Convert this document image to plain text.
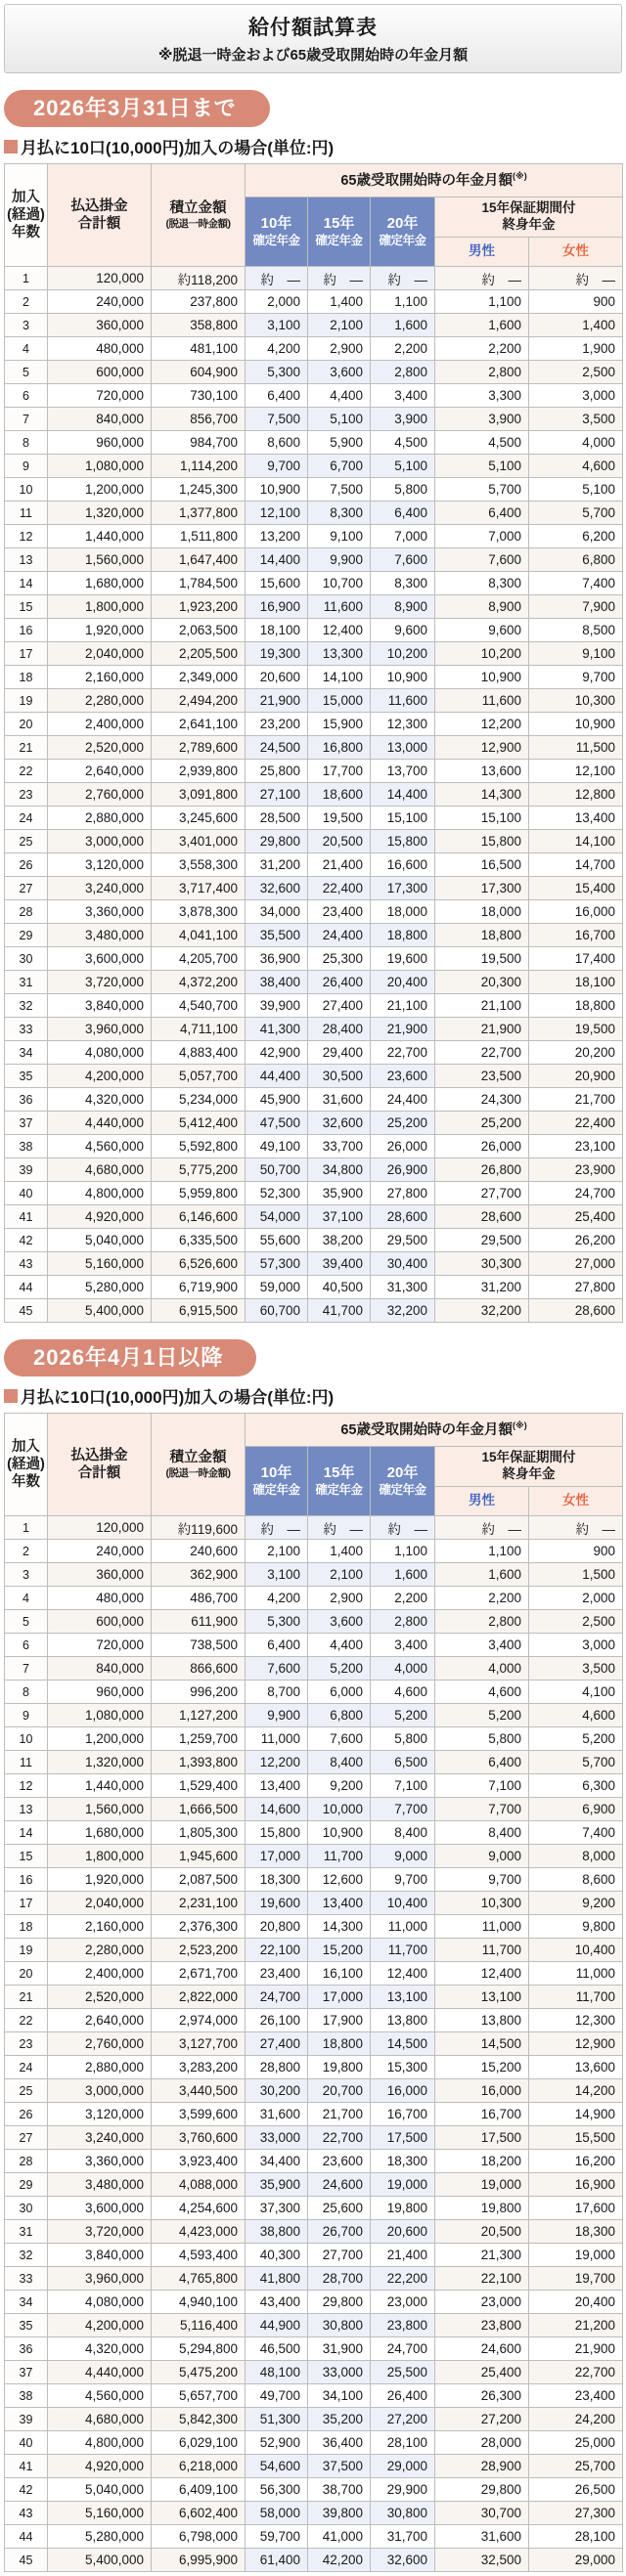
給付額試算表
※脱退一時金および65歳受取開始時の年金月額
2026年3月31日まで
月払に10口(10,000円)加入の場合(単位:円)
加入
(経過)
年数	払込掛金
合計額	積立金額

(脱退一時金額)	65歳受取開始時の年金月額(※)

			10年
確定年金	15年
確定年金	20年
確定年金	15年保証期間付
終身年金	
						男性	女性
1	120,000	約118,200	約　—	約　—	約　—	約　—	約　—
2	240,000	237,800	2,000	1,400	1,100	1,100	900
3	360,000	358,800	3,100	2,100	1,600	1,600	1,400
4	480,000	481,100	4,200	2,900	2,200	2,200	1,900
5	600,000	604,900	5,300	3,600	2,800	2,800	2,500
6	720,000	730,100	6,400	4,400	3,400	3,300	3,000
7	840,000	856,700	7,500	5,100	3,900	3,900	3,500
8	960,000	984,700	8,600	5,900	4,500	4,500	4,000
9	1,080,000	1,114,200	9,700	6,700	5,100	5,100	4,600
10	1,200,000	1,245,300	10,900	7,500	5,800	5,700	5,100
11	1,320,000	1,377,800	12,100	8,300	6,400	6,400	5,700
12	1,440,000	1,511,800	13,200	9,100	7,000	7,000	6,200
13	1,560,000	1,647,400	14,400	9,900	7,600	7,600	6,800
14	1,680,000	1,784,500	15,600	10,700	8,300	8,300	7,400
15	1,800,000	1,923,200	16,900	11,600	8,900	8,900	7,900
16	1,920,000	2,063,500	18,100	12,400	9,600	9,600	8,500
17	2,040,000	2,205,500	19,300	13,300	10,200	10,200	9,100
18	2,160,000	2,349,000	20,600	14,100	10,900	10,900	9,700
19	2,280,000	2,494,200	21,900	15,000	11,600	11,600	10,300
20	2,400,000	2,641,100	23,200	15,900	12,300	12,200	10,900
21	2,520,000	2,789,600	24,500	16,800	13,000	12,900	11,500
22	2,640,000	2,939,800	25,800	17,700	13,700	13,600	12,100
23	2,760,000	3,091,800	27,100	18,600	14,400	14,300	12,800
24	2,880,000	3,245,600	28,500	19,500	15,100	15,100	13,400
25	3,000,000	3,401,000	29,800	20,500	15,800	15,800	14,100
26	3,120,000	3,558,300	31,200	21,400	16,600	16,500	14,700
27	3,240,000	3,717,400	32,600	22,400	17,300	17,300	15,400
28	3,360,000	3,878,300	34,000	23,400	18,000	18,000	16,000
29	3,480,000	4,041,100	35,500	24,400	18,800	18,800	16,700
30	3,600,000	4,205,700	36,900	25,300	19,600	19,500	17,400
31	3,720,000	4,372,200	38,400	26,400	20,400	20,300	18,100
32	3,840,000	4,540,700	39,900	27,400	21,100	21,100	18,800
33	3,960,000	4,711,100	41,300	28,400	21,900	21,900	19,500
34	4,080,000	4,883,400	42,900	29,400	22,700	22,700	20,200
35	4,200,000	5,057,700	44,400	30,500	23,600	23,500	20,900
36	4,320,000	5,234,000	45,900	31,600	24,400	24,300	21,700
37	4,440,000	5,412,400	47,500	32,600	25,200	25,200	22,400
38	4,560,000	5,592,800	49,100	33,700	26,000	26,000	23,100
39	4,680,000	5,775,200	50,700	34,800	26,900	26,800	23,900
40	4,800,000	5,959,800	52,300	35,900	27,800	27,700	24,700
41	4,920,000	6,146,600	54,000	37,100	28,600	28,600	25,400
42	5,040,000	6,335,500	55,600	38,200	29,500	29,500	26,200
43	5,160,000	6,526,600	57,300	39,400	30,400	30,300	27,000
44	5,280,000	6,719,900	59,000	40,500	31,300	31,200	27,800
45	5,400,000	6,915,500	60,700	41,700	32,200	32,200	28,600
2026年4月1日以降
月払に10口(10,000円)加入の場合(単位:円)
加入
(経過)
年数	払込掛金
合計額	積立金額

(脱退一時金額)	65歳受取開始時の年金月額(※)

			10年
確定年金	15年
確定年金	20年
確定年金	15年保証期間付
終身年金	
						男性	女性
1	120,000	約119,600	約　—	約　—	約　—	約　—	約　—
2	240,000	240,600	2,100	1,400	1,100	1,100	900
3	360,000	362,900	3,100	2,100	1,600	1,600	1,500
4	480,000	486,700	4,200	2,900	2,200	2,200	2,000
5	600,000	611,900	5,300	3,600	2,800	2,800	2,500
6	720,000	738,500	6,400	4,400	3,400	3,400	3,000
7	840,000	866,600	7,600	5,200	4,000	4,000	3,500
8	960,000	996,200	8,700	6,000	4,600	4,600	4,100
9	1,080,000	1,127,200	9,900	6,800	5,200	5,200	4,600
10	1,200,000	1,259,700	11,000	7,600	5,800	5,800	5,200
11	1,320,000	1,393,800	12,200	8,400	6,500	6,400	5,700
12	1,440,000	1,529,400	13,400	9,200	7,100	7,100	6,300
13	1,560,000	1,666,500	14,600	10,000	7,700	7,700	6,900
14	1,680,000	1,805,300	15,800	10,900	8,400	8,400	7,400
15	1,800,000	1,945,600	17,000	11,700	9,000	9,000	8,000
16	1,920,000	2,087,500	18,300	12,600	9,700	9,700	8,600
17	2,040,000	2,231,100	19,600	13,400	10,400	10,300	9,200
18	2,160,000	2,376,300	20,800	14,300	11,000	11,000	9,800
19	2,280,000	2,523,200	22,100	15,200	11,700	11,700	10,400
20	2,400,000	2,671,700	23,400	16,100	12,400	12,400	11,000
21	2,520,000	2,822,000	24,700	17,000	13,100	13,100	11,700
22	2,640,000	2,974,000	26,100	17,900	13,800	13,800	12,300
23	2,760,000	3,127,700	27,400	18,800	14,500	14,500	12,900
24	2,880,000	3,283,200	28,800	19,800	15,300	15,200	13,600
25	3,000,000	3,440,500	30,200	20,700	16,000	16,000	14,200
26	3,120,000	3,599,600	31,600	21,700	16,700	16,700	14,900
27	3,240,000	3,760,600	33,000	22,700	17,500	17,500	15,500
28	3,360,000	3,923,400	34,400	23,600	18,300	18,200	16,200
29	3,480,000	4,088,000	35,900	24,600	19,000	19,000	16,900
30	3,600,000	4,254,600	37,300	25,600	19,800	19,800	17,600
31	3,720,000	4,423,000	38,800	26,700	20,600	20,500	18,300
32	3,840,000	4,593,400	40,300	27,700	21,400	21,300	19,000
33	3,960,000	4,765,800	41,800	28,700	22,200	22,100	19,700
34	4,080,000	4,940,100	43,400	29,800	23,000	23,000	20,400
35	4,200,000	5,116,400	44,900	30,800	23,800	23,800	21,200
36	4,320,000	5,294,800	46,500	31,900	24,700	24,600	21,900
37	4,440,000	5,475,200	48,100	33,000	25,500	25,400	22,700
38	4,560,000	5,657,700	49,700	34,100	26,400	26,300	23,400
39	4,680,000	5,842,300	51,300	35,200	27,200	27,200	24,200
40	4,800,000	6,029,100	52,900	36,400	28,100	28,000	25,000
41	4,920,000	6,218,000	54,600	37,500	29,000	28,900	25,700
42	5,040,000	6,409,100	56,300	38,700	29,900	29,800	26,500
43	5,160,000	6,602,400	58,000	39,800	30,800	30,700	27,300
44	5,280,000	6,798,000	59,700	41,000	31,700	31,600	28,100
45	5,400,000	6,995,900	61,400	42,200	32,600	32,500	29,000
